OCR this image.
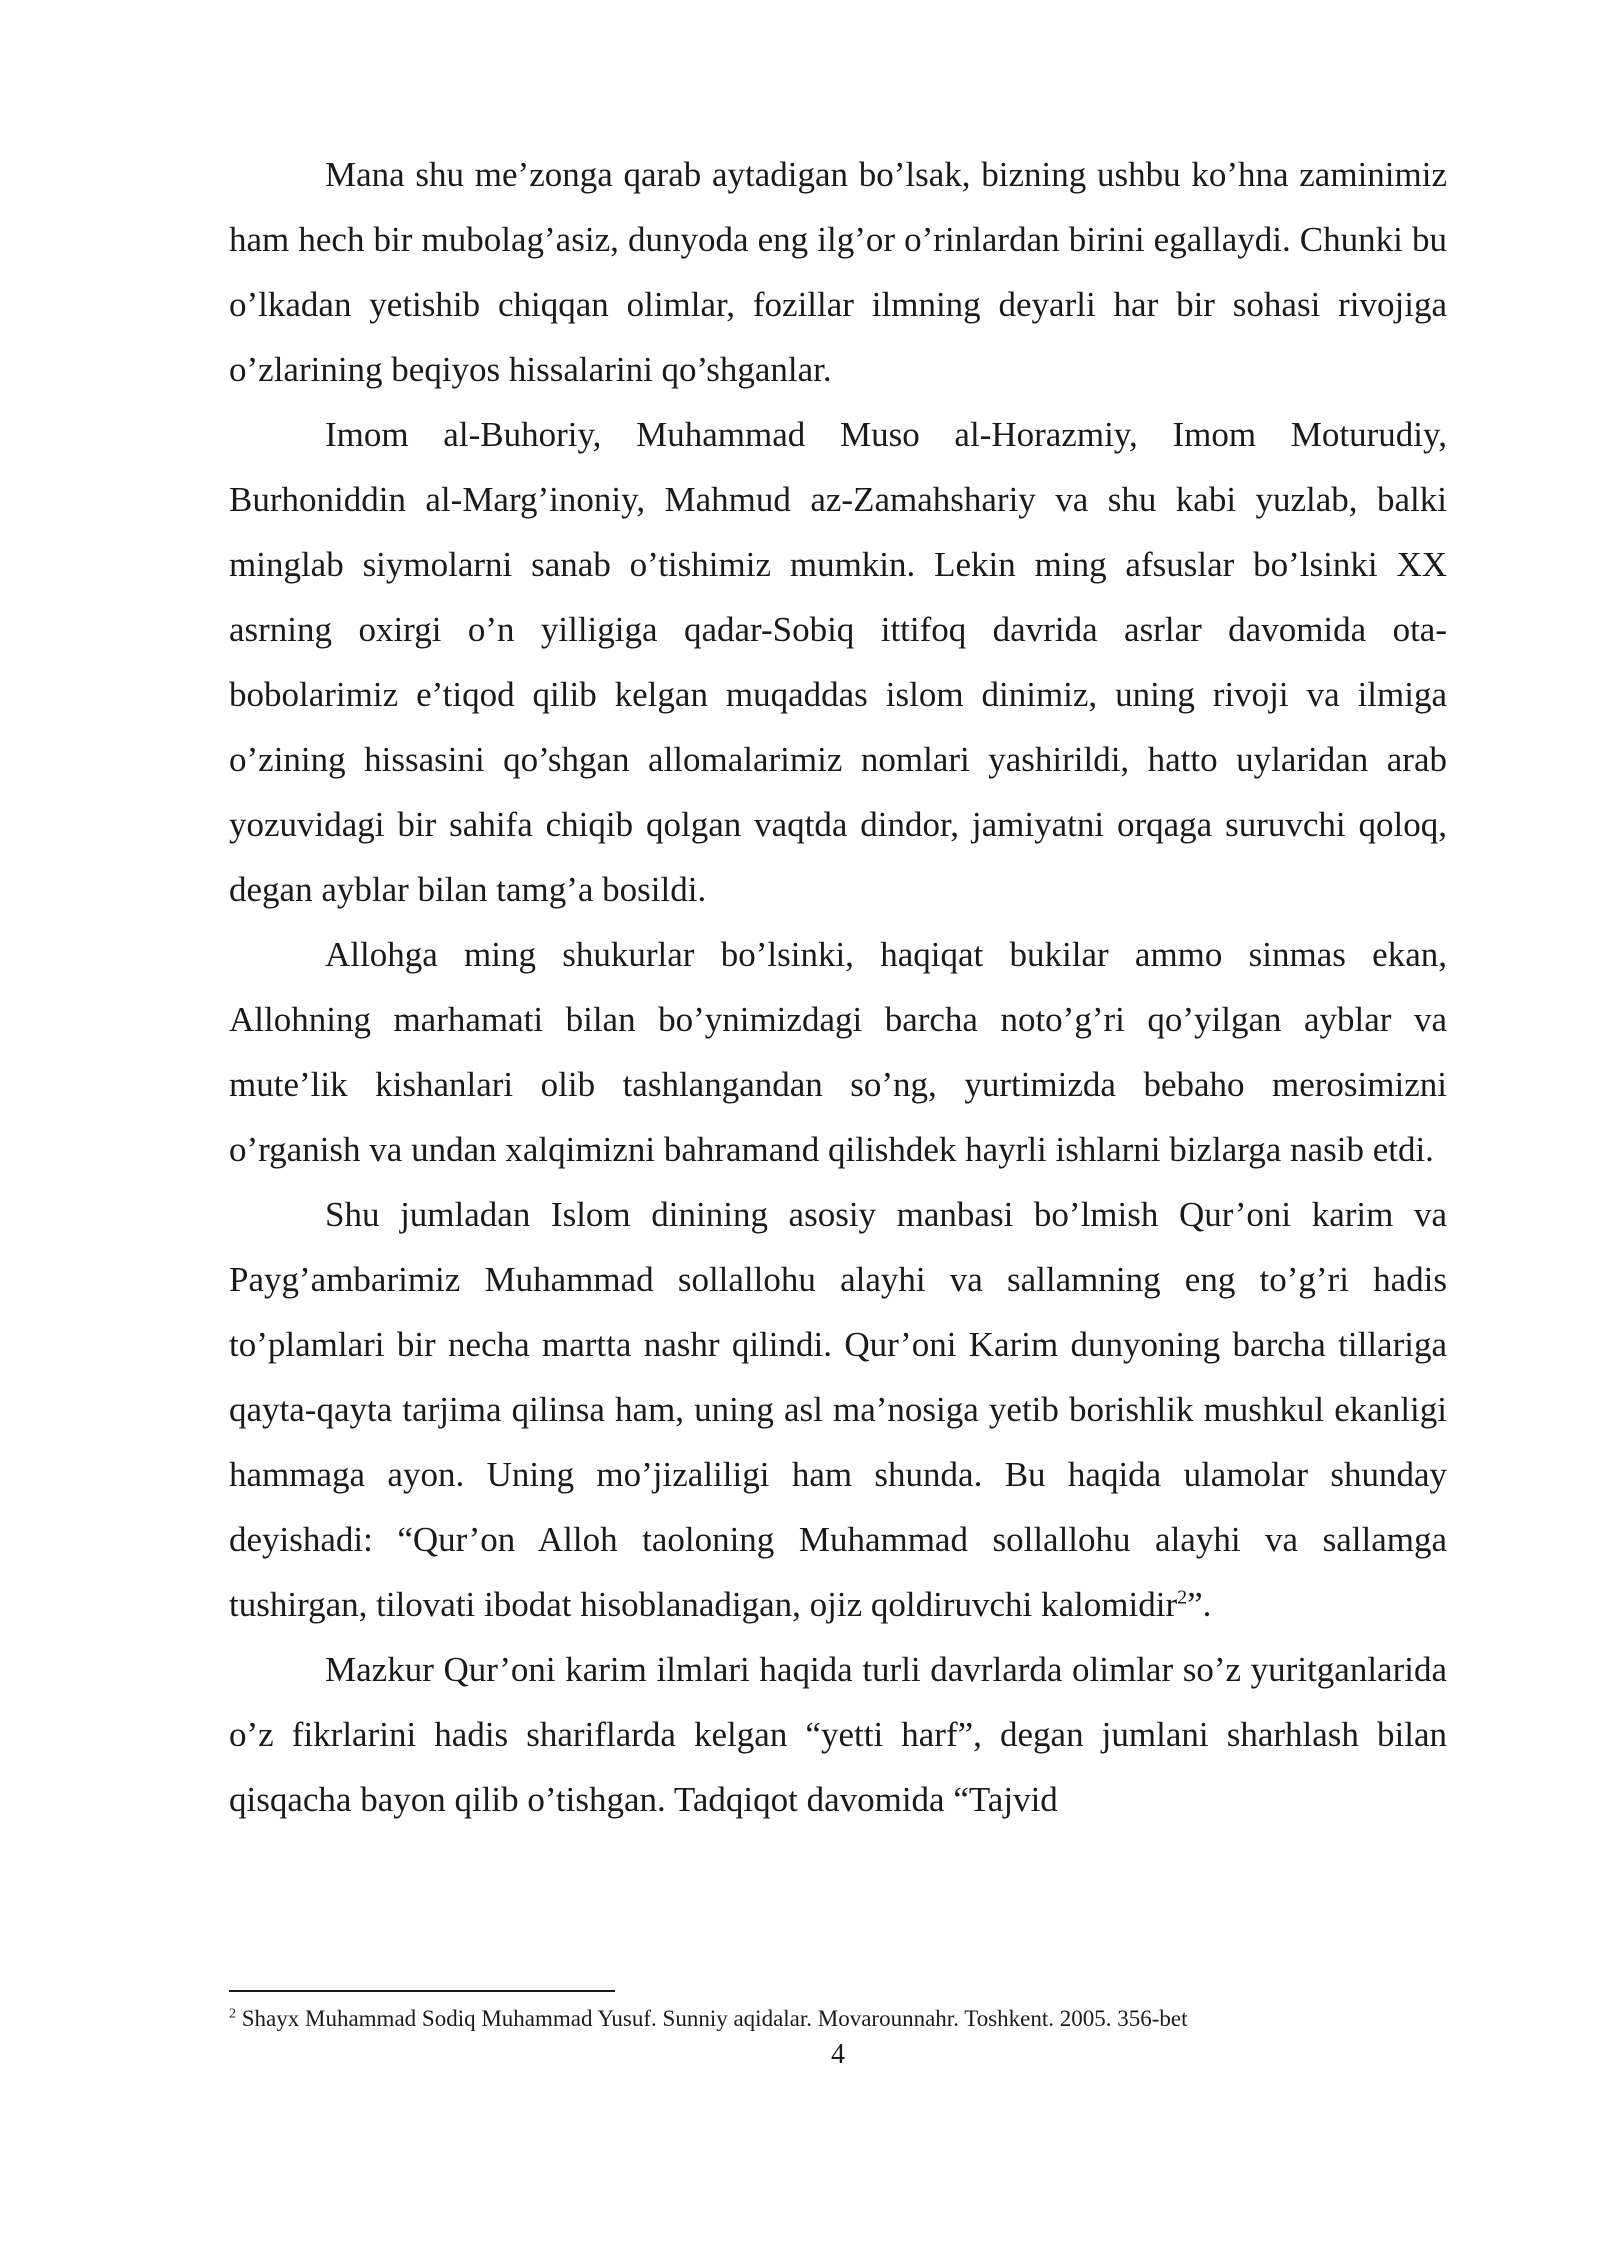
Mana shu me’zonga qarab aytadigan bo’lsak, bizning ushbu ko’hna zaminimiz ham hech bir mubolag’asiz, dunyoda eng ilg’or o’rinlardan birini egallaydi. Chunki bu o’lkadan yetishib chiqqan olimlar, fozillar ilmning deyarli har bir sohasi rivojiga o’zlarining beqiyos hissalarini qo’shganlar.

Imom al-Buhoriy, Muhammad Muso al-Horazmiy, Imom Moturudiy, Burhoniddin al-Marg’inoniy, Mahmud az-Zamahshariy va shu kabi yuzlab, balki minglab siymolarni sanab o’tishimiz mumkin. Lekin ming afsuslar bo’lsinki XX asrning oxirgi o’n yilligiga qadar-Sobiq ittifoq davrida asrlar davomida ota-bobolarimiz e’tiqod qilib kelgan muqaddas islom dinimiz, uning rivoji va ilmiga o’zining hissasini qo’shgan allomalarimiz nomlari yashirildi, hatto uylaridan arab yozuvidagi bir sahifa chiqib qolgan vaqtda dindor, jamiyatni orqaga suruvchi qoloq, degan ayblar bilan tamg’a bosildi.

Allohga ming shukurlar bo’lsinki, haqiqat bukilar ammo sinmas ekan, Allohning marhamati bilan bo’ynimizdagi barcha noto’g’ri qo’yilgan ayblar va mute’lik kishanlari olib tashlangandan so’ng, yurtimizda bebaho merosimizni o’rganish va undan xalqimizni bahramand qilishdek hayrli ishlarni bizlarga nasib etdi.

Shu jumladan Islom dinining asosiy manbasi bo’lmish Qur’oni karim va Payg’ambarimiz Muhammad sollallohu alayhi va sallamning eng to’g’ri hadis to’plamlari bir necha martta nashr qilindi. Qur’oni Karim dunyoning barcha tillariga qayta-qayta tarjima qilinsa ham, uning asl ma’nosiga yetib borishlik mushkul ekanligi hammaga ayon. Uning mo’jizaliligi ham shunda. Bu haqida ulamolar shunday deyishadi: “Qur’on Alloh taoloning Muhammad sollallohu alayhi va sallamga tushirgan, tilovati ibodat hisoblanadigan, ojiz qoldiruvchi kalomidir$^2$”.

Mazkur Qur’oni karim ilmlari haqida turli davrlarda olimlar so’z yuritganlarida o’z fikrlarini hadis shariflarda kelgan “yetti harf”, degan jumlani sharhlash bilan qisqacha bayon qilib o’tishgan. Tadqiqot davomida “Tajvid

$^2$ Shayx Muhammad Sodiq Muhammad Yusuf. Sunniy aqidalar. Movarounnahr. Toshkent. 2005. 356-bet
4
